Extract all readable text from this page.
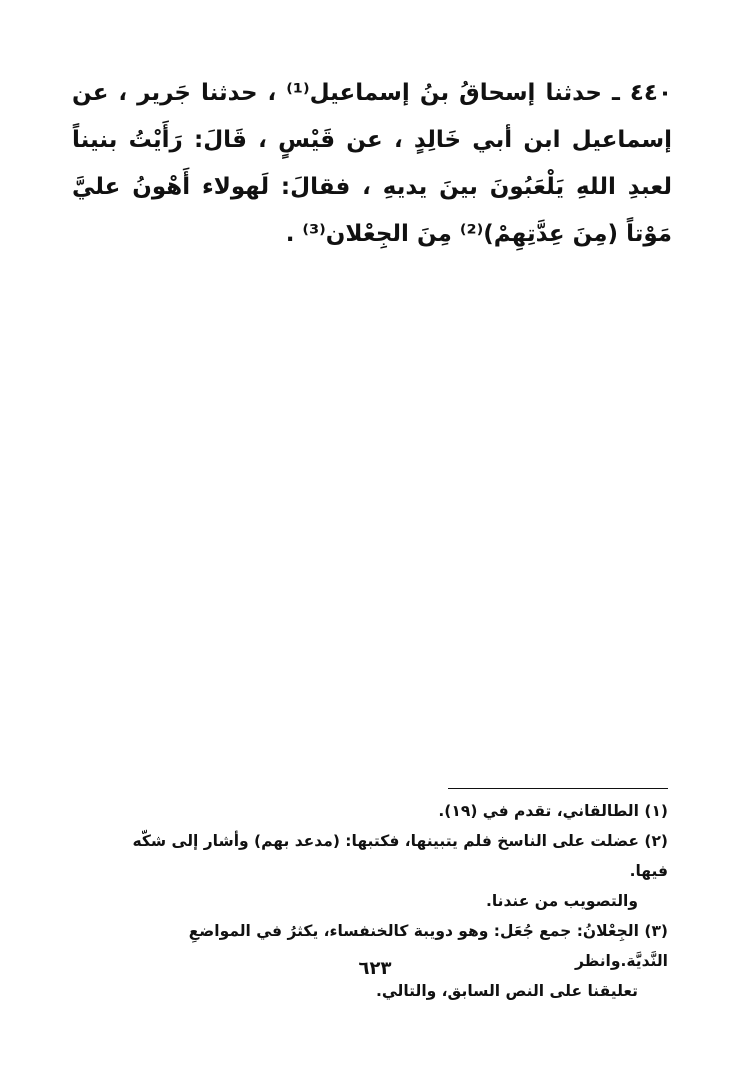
٤٤٠ ـ حدثنا إسحاقُ بنُ إسماعيل⁽¹⁾ ، حدثنا جَرير ، عن إسماعيل ابن أبي خَالِدٍ ، عن قَيْسٍ ، قَالَ: رَأَيْتُ بنيناً لعبدِ اللهِ يَلْعَبُونَ بينَ يديهِ ، فقالَ: لَهولاء أَهْونُ عليَّ مَوْتاً (مِنَ عِدَّتِهِمْ)⁽²⁾ مِنَ الجِعْلان⁽³⁾ .

(١) الطالقاني، تقدم في (١٩).

(٢) عضلت على الناسخ فلم يتبينها، فكتبها: (مدعد بهم) وأشار إلى شكّه فيها.

والتصويب من عندنا.

(٣) الجِعْلانُ: جمع جُعَل: وهو دويبة كالخنفساء، يكثرُ في المواضعِ النَّديَّة.وانظر

تعليقنا على النص السابق، والتالي.

٦٢٣
